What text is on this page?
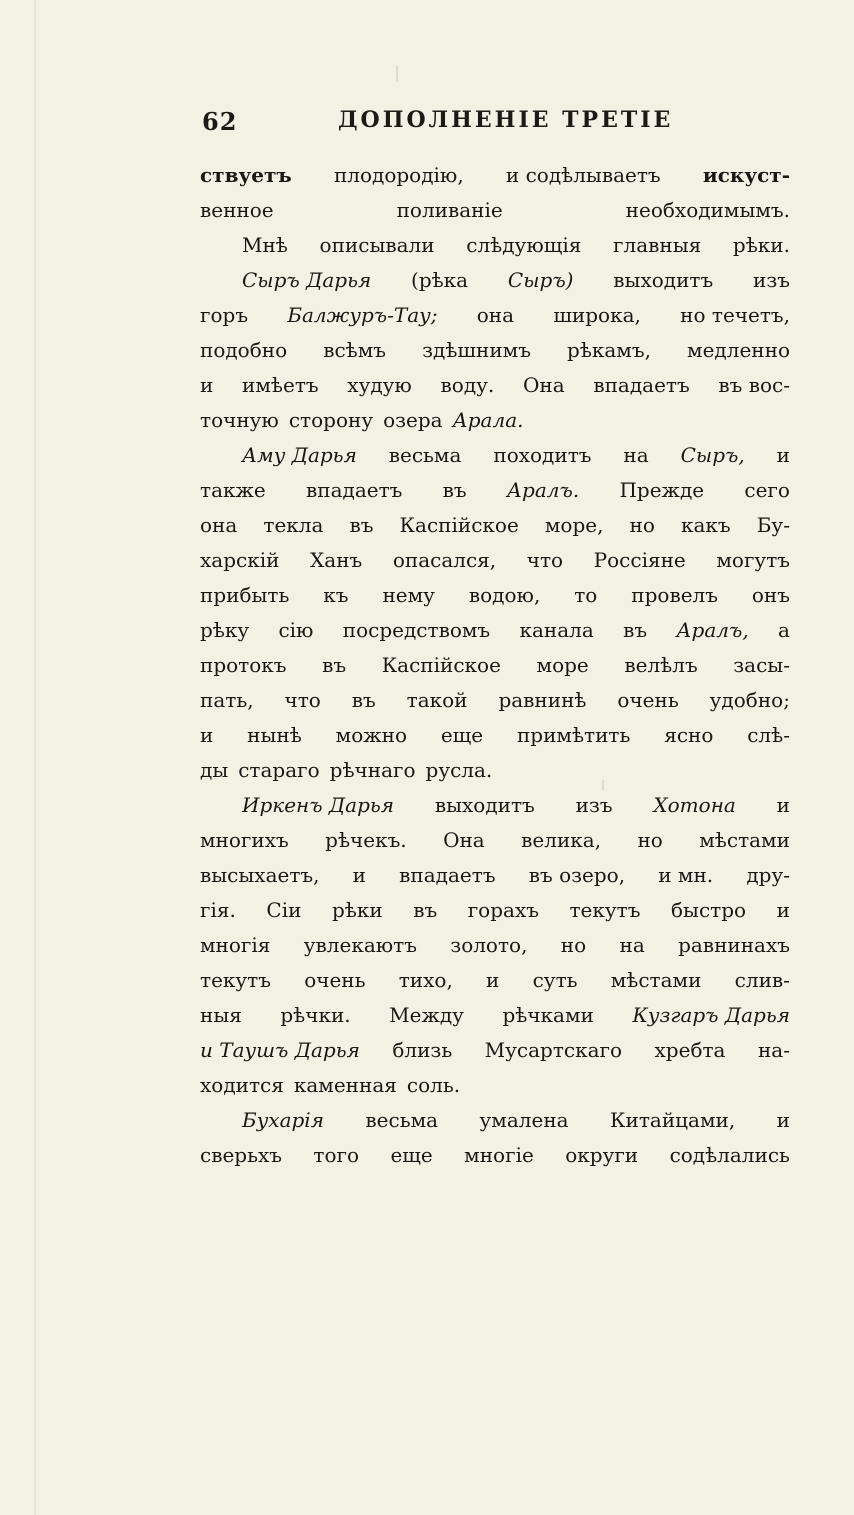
62	ДОПОЛНЕНІЕ ТРЕТІЕ
ствуетъ плодородію, и содѣлываетъ искуст-
венное	поливаніе	необходимымъ.
Мнѣ описывали слѣдующія главныя рѣки.
Сыръ Дарья (рѣка Сыръ) выходитъ изъ
горъ Балжуръ-Тау; она широка, но течетъ,
подобно всѣмъ здѣшнимъ рѣкамъ, медленно
и имѣетъ худую воду. Она впадаетъ въ вос-
точную сторону озера Арала.
Аму Дарья весьма походитъ на Сыръ, и
также впадаетъ въ Аралъ. Прежде сего
она текла въ Каспійское море, но какъ Бу-
харскій Ханъ опасался, что Россіяне могутъ
прибыть къ нему водою, то провелъ онъ
рѣку сію посредствомъ канала въ Аралъ, а
протокъ въ Каспійское море велѣлъ засы-
пать, что въ такой равнинѣ очень удобно;
и нынѣ можно еще примѣтить ясно слѣ-
ды стараго рѣчнаго русла.
Иркенъ Дарья выходитъ изъ Хотона и
многихъ рѣчекъ. Она велика, но мѣстами
высыхаетъ, и впадаетъ въ озеро, и мн. дру-
гія. Сіи рѣки въ горахъ текутъ быстро и
многія увлекаютъ золото, но на равнинахъ
текутъ очень тихо, и суть мѣстами слив-
ныя рѣчки. Между рѣчками Кузгаръ Дарья
и Таушъ Дарья близь Мусартскаго хребта на-
ходится каменная соль.
Бухарія весьма умалена Китайцами, и
сверьхъ того еще многіе округи содѣлались
